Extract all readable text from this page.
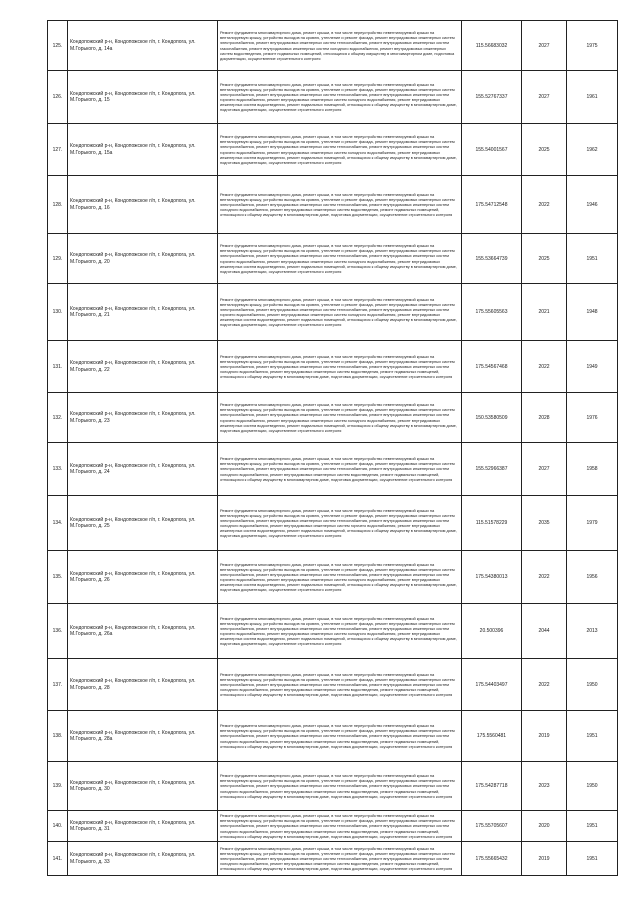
125.	Кондопожский р-н, Кондопожское г/п, г. Кондопога, ул. М.Горького, д. 14а	Ремонт фундамента многоквартирного дома, ремонт крыши, в том числе переустройство невентилируемой крыши на вентилируемую крышу, устройство выходов на кровлю, утепление и ремонт фасада, ремонт внутридомовых инженерных систем электроснабжения, ремонт внутридомовых инженерных систем теплоснабжения, ремонт внутридомовых инженерных систем газоснабжения, ремонт внутридомовых инженерных систем холодного водоснабжения, ремонт внутридомовых инженерных систем водоотведения, ремонт подвальных помещений, относящихся к общему имуществу в многоквартирном доме, подготовка документации, осуществление строительного контроля	115.56683032	2027	1975
126.	Кондопожский р-н, Кондопожское г/п, г. Кондопога, ул. М.Горького, д. 15	Ремонт фундамента многоквартирного дома, ремонт крыши, в том числе переустройство невентилируемой крыши на вентилируемую крышу, устройство выходов на кровлю, утепление и ремонт фасада, ремонт внутридомовых инженерных систем электроснабжения, ремонт внутридомовых инженерных систем теплоснабжения, ремонт внутридомовых инженерных систем горячего водоснабжения, ремонт внутридомовых инженерных систем холодного водоснабжения, ремонт внутридомовых инженерных систем водоотведения, ремонт подвальных помещений, относящихся к общему имуществу в многоквартирном доме, подготовка документации, осуществление строительного контроля	155.52767337	2027	1961
127.	Кондопожский р-н, Кондопожское г/п, г. Кондопога, ул. М.Горького, д. 15а	Ремонт фундамента многоквартирного дома, ремонт крыши, в том числе переустройство невентилируемой крыши на вентилируемую крышу, устройство выходов на кровлю, утепление и ремонт фасада, ремонт внутридомовых инженерных систем электроснабжения, ремонт внутридомовых инженерных систем теплоснабжения, ремонт внутридомовых инженерных систем горячего водоснабжения, ремонт внутридомовых инженерных систем холодного водоснабжения, ремонт внутридомовых инженерных систем водоотведения, ремонт подвальных помещений, относящихся к общему имуществу в многоквартирном доме, подготовка документации, осуществление строительного контроля	155.54001567	2025	1962
128.	Кондопожский р-н, Кондопожское г/п, г. Кондопога, ул. М.Горького, д. 16	Ремонт фундамента многоквартирного дома, ремонт крыши, в том числе переустройство невентилируемой крыши на вентилируемую крышу, устройство выходов на кровлю, утепление и ремонт фасада, ремонт внутридомовых инженерных систем электроснабжения, ремонт внутридомовых инженерных систем теплоснабжения, ремонт внутридомовых инженерных систем холодного водоснабжения, ремонт внутридомовых инженерных систем водоотведения, ремонт подвальных помещений, относящихся к общему имуществу в многоквартирном доме, подготовка документации, осуществление строительного контроля	175.54712548	2022	1946
129.	Кондопожский р-н, Кондопожское г/п, г. Кондопога, ул. М.Горького, д. 20	Ремонт фундамента многоквартирного дома, ремонт крыши, в том числе переустройство невентилируемой крыши на вентилируемую крышу, устройство выходов на кровлю, утепление и ремонт фасада, ремонт внутридомовых инженерных систем электроснабжения, ремонт внутридомовых инженерных систем теплоснабжения, ремонт внутридомовых инженерных систем горячего водоснабжения, ремонт внутридомовых инженерных систем холодного водоснабжения, ремонт внутридомовых инженерных систем водоотведения, ремонт подвальных помещений, относящихся к общему имуществу в многоквартирном доме, подготовка документации, осуществление строительного контроля	155.53664739	2025	1951
130.	Кондопожский р-н, Кондопожское г/п, г. Кондопога, ул. М.Горького, д. 21	Ремонт фундамента многоквартирного дома, ремонт крыши, в том числе переустройство невентилируемой крыши на вентилируемую крышу, устройство выходов на кровлю, утепление и ремонт фасада, ремонт внутридомовых инженерных систем электроснабжения, ремонт внутридомовых инженерных систем теплоснабжения, ремонт внутридомовых инженерных систем горячего водоснабжения, ремонт внутридомовых инженерных систем холодного водоснабжения, ремонт внутридомовых инженерных систем водоотведения, ремонт подвальных помещений, относящихся к общему имуществу в многоквартирном доме, подготовка документации, осуществление строительного контроля	175.55605563	2021	1948
131.	Кондопожский р-н, Кондопожское г/п, г. Кондопога, ул. М.Горького, д. 22	Ремонт фундамента многоквартирного дома, ремонт крыши, в том числе переустройство невентилируемой крыши на вентилируемую крышу, устройство выходов на кровлю, утепление и ремонт фасада, ремонт внутридомовых инженерных систем электроснабжения, ремонт внутридомовых инженерных систем теплоснабжения, ремонт внутридомовых инженерных систем холодного водоснабжения, ремонт внутридомовых инженерных систем водоотведения, ремонт подвальных помещений, относящихся к общему имуществу в многоквартирном доме, подготовка документации, осуществление строительного контроля	175.54567468	2022	1949
132.	Кондопожский р-н, Кондопожское г/п, г. Кондопога, ул. М.Горького, д. 23	Ремонт фундамента многоквартирного дома, ремонт крыши, в том числе переустройство невентилируемой крыши на вентилируемую крышу, устройство выходов на кровлю, утепление и ремонт фасада, ремонт внутридомовых инженерных систем электроснабжения, ремонт внутридомовых инженерных систем теплоснабжения, ремонт внутридомовых инженерных систем горячего водоснабжения, ремонт внутридомовых инженерных систем холодного водоснабжения, ремонт внутридомовых инженерных систем водоотведения, ремонт подвальных помещений, относящихся к общему имуществу в многоквартирном доме, подготовка документации, осуществление строительного контроля	150.53580509	2028	1976
133.	Кондопожский р-н, Кондопожское г/п, г. Кондопога, ул. М.Горького, д. 24	Ремонт фундамента многоквартирного дома, ремонт крыши, в том числе переустройство невентилируемой крыши на вентилируемую крышу, устройство выходов на кровлю, утепление и ремонт фасада, ремонт внутридомовых инженерных систем электроснабжения, ремонт внутридомовых инженерных систем теплоснабжения, ремонт внутридомовых инженерных систем холодного водоснабжения, ремонт внутридомовых инженерных систем водоотведения, ремонт подвальных помещений, относящихся к общему имуществу в многоквартирном доме, подготовка документации, осуществление строительного контроля	155.52966387	2027	1958
134.	Кондопожский р-н, Кондопожское г/п, г. Кондопога, ул. М.Горького, д. 25	Ремонт фундамента многоквартирного дома, ремонт крыши, в том числе переустройство невентилируемой крыши на вентилируемую крышу, устройство выходов на кровлю, утепление и ремонт фасада, ремонт внутридомовых инженерных систем электроснабжения, ремонт внутридомовых инженерных систем теплоснабжения, ремонт внутридомовых инженерных систем холодного водоснабжения, ремонт внутридомовых инженерных систем горячего водоснабжения, ремонт внутридомовых инженерных систем водоотведения, ремонт подвальных помещений, относящихся к общему имуществу в многоквартирном доме, подготовка документации, осуществление строительного контроля	115.51578229	2035	1979
135.	Кондопожский р-н, Кондопожское г/п, г. Кондопога, ул. М.Горького, д. 26	Ремонт фундамента многоквартирного дома, ремонт крыши, в том числе переустройство невентилируемой крыши на вентилируемую крышу, устройство выходов на кровлю, утепление и ремонт фасада, ремонт внутридомовых инженерных систем электроснабжения, ремонт внутридомовых инженерных систем теплоснабжения, ремонт внутридомовых инженерных систем горячего водоснабжения, ремонт внутридомовых инженерных систем холодного водоснабжения, ремонт внутридомовых инженерных систем водоотведения, ремонт подвальных помещений, относящихся к общему имуществу в многоквартирном доме, подготовка документации, осуществление строительного контроля	175.54380013	2022	1956
136.	Кондопожский р-н, Кондопожское г/п, г. Кондопога, ул. М.Горького, д. 26а	Ремонт фундамента многоквартирного дома, ремонт крыши, в том числе переустройство невентилируемой крыши на вентилируемую крышу, устройство выходов на кровлю, утепление и ремонт фасада, ремонт внутридомовых инженерных систем электроснабжения, ремонт внутридомовых инженерных систем теплоснабжения, ремонт внутридомовых инженерных систем горячего водоснабжения, ремонт внутридомовых инженерных систем холодного водоснабжения, ремонт внутридомовых инженерных систем водоотведения, ремонт подвальных помещений, относящихся к общему имуществу в многоквартирном доме, подготовка документации, осуществление строительного контроля	20.500396	2044	2013
137.	Кондопожский р-н, Кондопожское г/п, г. Кондопога, ул. М.Горького, д. 28	Ремонт фундамента многоквартирного дома, ремонт крыши, в том числе переустройство невентилируемой крыши на вентилируемую крышу, устройство выходов на кровлю, утепление и ремонт фасада, ремонт внутридомовых инженерных систем электроснабжения, ремонт внутридомовых инженерных систем теплоснабжения, ремонт внутридомовых инженерных систем холодного водоснабжения, ремонт внутридомовых инженерных систем водоотведения, ремонт подвальных помещений, относящихся к общему имуществу в многоквартирном доме, подготовка документации, осуществление строительного контроля	175.54403497	2022	1950
138.	Кондопожский р-н, Кондопожское г/п, г. Кондопога, ул. М.Горького, д. 28а	Ремонт фундамента многоквартирного дома, ремонт крыши, в том числе переустройство невентилируемой крыши на вентилируемую крышу, устройство выходов на кровлю, утепление и ремонт фасада, ремонт внутридомовых инженерных систем электроснабжения, ремонт внутридомовых инженерных систем теплоснабжения, ремонт внутридомовых инженерных систем холодного водоснабжения, ремонт внутридомовых инженерных систем водоотведения, ремонт подвальных помещений, относящихся к общему имуществу в многоквартирном доме, подготовка документации, осуществление строительного контроля	175.5560481	2019	1951
139.	Кондопожский р-н, Кондопожское г/п, г. Кондопога, ул. М.Горького, д. 30	Ремонт фундамента многоквартирного дома, ремонт крыши, в том числе переустройство невентилируемой крыши на вентилируемую крышу, устройство выходов на кровлю, утепление и ремонт фасада, ремонт внутридомовых инженерных систем электроснабжения, ремонт внутридомовых инженерных систем теплоснабжения, ремонт внутридомовых инженерных систем холодного водоснабжения, ремонт внутридомовых инженерных систем водоотведения, ремонт подвальных помещений, относящихся к общему имуществу в многоквартирном доме, подготовка документации, осуществление строительного контроля	175.54287718	2023	1950
140.	Кондопожский р-н, Кондопожское г/п, г. Кондопога, ул. М.Горького, д. 31	Ремонт фундамента многоквартирного дома, ремонт крыши, в том числе переустройство невентилируемой крыши на вентилируемую крышу, устройство выходов на кровлю, утепление и ремонт фасада, ремонт внутридомовых инженерных систем электроснабжения, ремонт внутридомовых инженерных систем теплоснабжения, ремонт внутридомовых инженерных систем холодного водоснабжения, ремонт внутридомовых инженерных систем водоотведения, ремонт подвальных помещений, относящихся к общему имуществу в многоквартирном доме, подготовка документации, осуществление строительного контроля	175.55705607	2020	1951
141.	Кондопожский р-н, Кондопожское г/п, г. Кондопога, ул. М.Горького, д. 33	Ремонт фундамента многоквартирного дома, ремонт крыши, в том числе переустройство невентилируемой крыши на вентилируемую крышу, устройство выходов на кровлю, утепление и ремонт фасада, ремонт внутридомовых инженерных систем электроснабжения, ремонт внутридомовых инженерных систем теплоснабжения, ремонт внутридомовых инженерных систем холодного водоснабжения, ремонт внутридомовых инженерных систем водоотведения, ремонт подвальных помещений, относящихся к общему имуществу в многоквартирном доме, подготовка документации, осуществление строительного контроля	175.55665432	2019	1951
